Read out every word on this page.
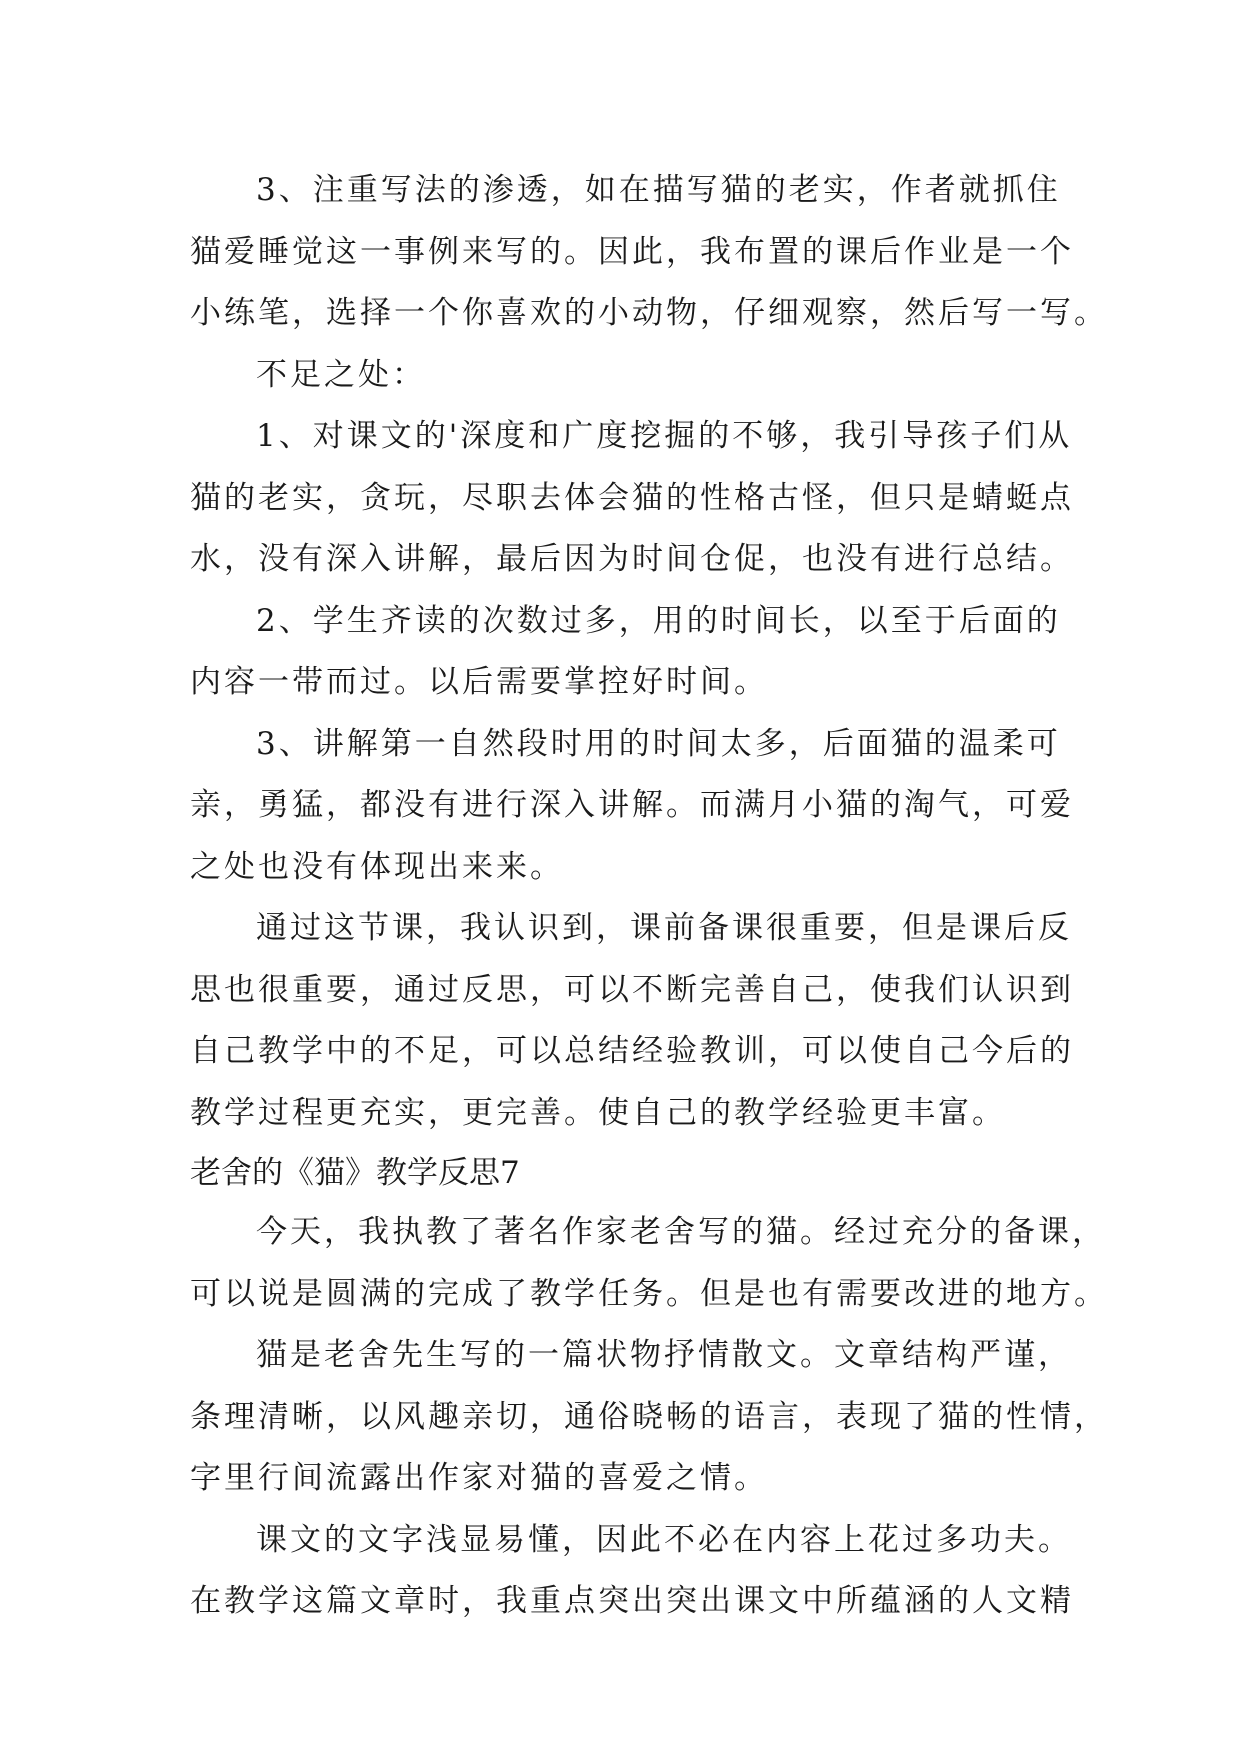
3、注重写法的渗透，如在描写猫的老实，作者就抓住
猫爱睡觉这一事例来写的。因此，我布置的课后作业是一个
小练笔，选择一个你喜欢的小动物，仔细观察，然后写一写。
不足之处：
1、对课文的'深度和广度挖掘的不够，我引导孩子们从
猫的老实，贪玩，尽职去体会猫的性格古怪，但只是蜻蜓点
水，没有深入讲解，最后因为时间仓促，也没有进行总结。
2、学生齐读的次数过多，用的时间长，以至于后面的
内容一带而过。以后需要掌控好时间。
3、讲解第一自然段时用的时间太多，后面猫的温柔可
亲，勇猛，都没有进行深入讲解。而满月小猫的淘气，可爱
之处也没有体现出来来。
通过这节课，我认识到，课前备课很重要，但是课后反
思也很重要，通过反思，可以不断完善自己，使我们认识到
自己教学中的不足，可以总结经验教训，可以使自己今后的
教学过程更充实，更完善。使自己的教学经验更丰富。
老舍的《猫》教学反思7
今天，我执教了著名作家老舍写的猫。经过充分的备课，
可以说是圆满的完成了教学任务。但是也有需要改进的地方。
猫是老舍先生写的一篇状物抒情散文。文章结构严谨，
条理清晰，以风趣亲切，通俗晓畅的语言，表现了猫的性情，
字里行间流露出作家对猫的喜爱之情。
课文的文字浅显易懂，因此不必在内容上花过多功夫。
在教学这篇文章时，我重点突出突出课文中所蕴涵的人文精
